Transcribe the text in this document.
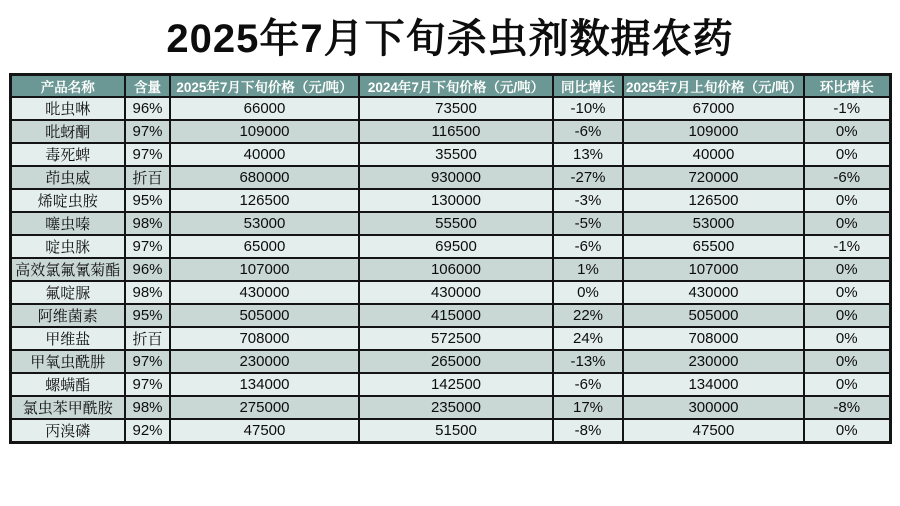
2025年7月下旬杀虫剂数据农药
产品名称	含量	2025年7月下旬价格（元/吨）	2024年7月下旬价格（元/吨）	同比增长	2025年7月上旬价格（元/吨）	环比增长
吡虫啉	96%	66000	73500	-10%	67000	-1%
吡蚜酮	97%	109000	116500	-6%	109000	0%
毒死蜱	97%	40000	35500	13%	40000	0%
茚虫威	折百	680000	930000	-27%	720000	-6%
烯啶虫胺	95%	126500	130000	-3%	126500	0%
噻虫嗪	98%	53000	55500	-5%	53000	0%
啶虫脒	97%	65000	69500	-6%	65500	-1%
高效氯氟氰菊酯	96%	107000	106000	1%	107000	0%
氟啶脲	98%	430000	430000	0%	430000	0%
阿维菌素	95%	505000	415000	22%	505000	0%
甲维盐	折百	708000	572500	24%	708000	0%
甲氧虫酰肼	97%	230000	265000	-13%	230000	0%
螺螨酯	97%	134000	142500	-6%	134000	0%
氯虫苯甲酰胺	98%	275000	235000	17%	300000	-8%
丙溴磷	92%	47500	51500	-8%	47500	0%
